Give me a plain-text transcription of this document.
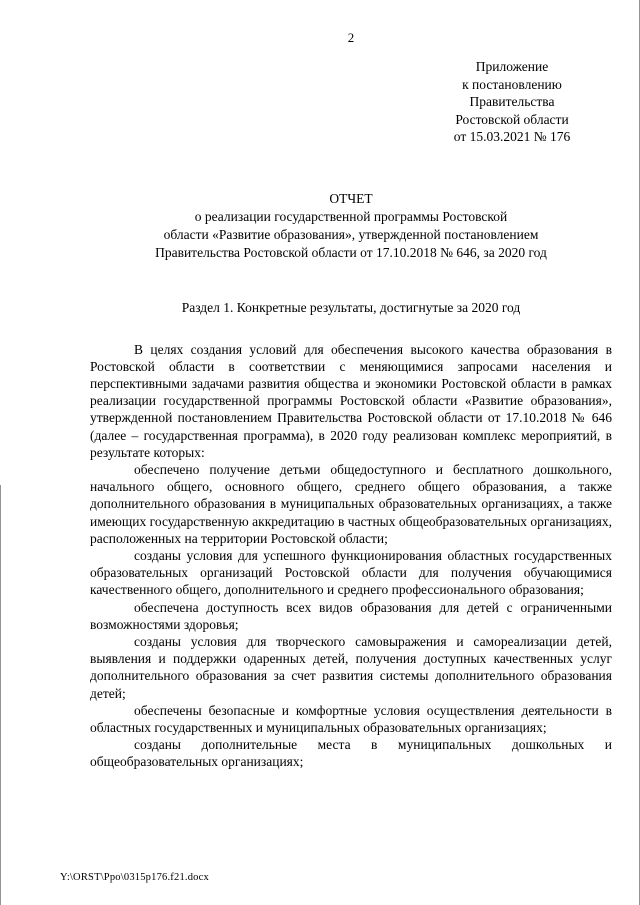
2
Приложение
к постановлению
Правительства
Ростовской области
от 15.03.2021 № 176
ОТЧЕТ
о реализации государственной программы Ростовской
области «Развитие образования», утвержденной постановлением
Правительства Ростовской области от 17.10.2018 № 646, за 2020 год
Раздел 1. Конкретные результаты, достигнутые за 2020 год

В целях создания условий для обеспечения высокого качества образования в Ростовской области в соответствии с меняющимися запросами населения и перспективными задачами развития общества и экономики Ростовской области в рамках реализации государственной программы Ростовской области «Развитие образования», утвержденной постановлением Правительства Ростовской области от 17.10.2018 № 646 (далее – государственная программа), в 2020 году реализован комплекс мероприятий, в результате которых:

обеспечено получение детьми общедоступного и бесплатного дошкольного, начального общего, основного общего, среднего общего образования, а также дополнительного образования в муниципальных образовательных организациях, а также имеющих государственную аккредитацию в частных общеобразовательных организациях, расположенных на территории Ростовской области;

созданы условия для успешного функционирования областных государственных образовательных организаций Ростовской области для получения обучающимися качественного общего, дополнительного и среднего профессионального образования;

обеспечена доступность всех видов образования для детей с ограниченными возможностями здоровья;

созданы условия для творческого самовыражения и самореализации детей, выявления и поддержки одаренных детей, получения доступных качественных услуг дополнительного образования за счет развития системы дополнительного образования детей;

обеспечены безопасные и комфортные условия осуществления деятельности в областных государственных и муниципальных образовательных организациях;

созданы дополнительные места в муниципальных дошкольных и общеобразовательных организациях;

Y:\ORST\Ppo\0315p176.f21.docx
